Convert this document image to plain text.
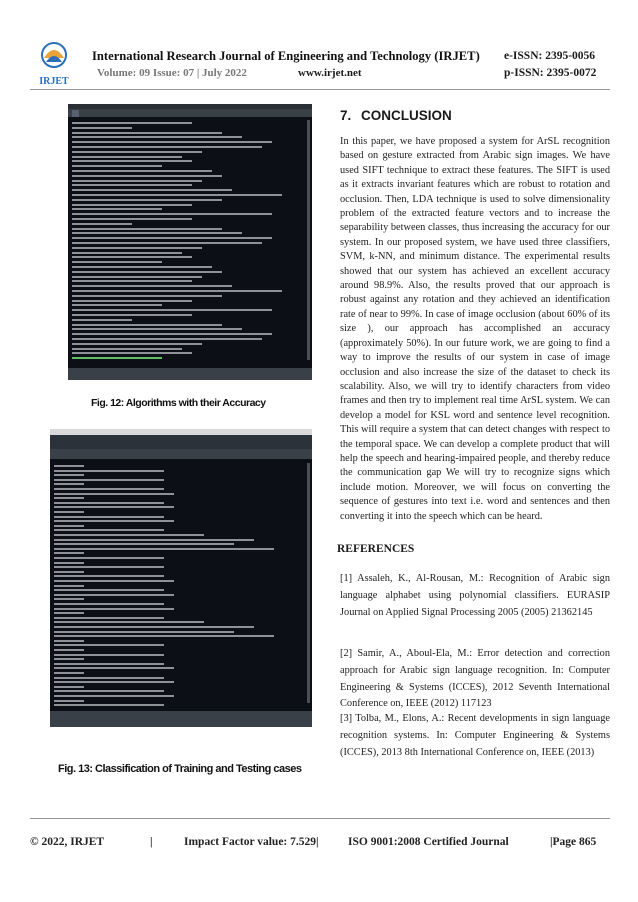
IRJET
International Research Journal of Engineering and Technology (IRJET) e-ISSN: 2395-0056
Volume: 09 Issue: 07 | July 2022	www.irjet.net	p-ISSN: 2395-0072

Fig. 12: Algorithms with their Accuracy
Fig. 13: Classification of Training and Testing cases
7. CONCLUSION
In this paper, we have proposed a system for ArSL recognition based on gesture extracted from Arabic sign images. We have used SIFT technique to extract these features. The SIFT is used as it extracts invariant features which are robust to rotation and occlusion. Then, LDA technique is used to solve dimensionality problem of the extracted feature vectors and to increase the separability between classes, thus increasing the accuracy for our system. In our proposed system, we have used three classifiers, SVM, k-NN, and minimum distance. The experimental results showed that our system has achieved an excellent accuracy around 98.9%. Also, the results proved that our approach is robust against any rotation and they achieved an identification rate of near to 99%. In case of image occlusion (about 60% of its size ), our approach has accomplished an accuracy (approximately 50%). In our future work, we are going to find a way to improve the results of our system in case of image occlusion and also increase the size of the dataset to check its scalability. Also, we will try to identify characters from video frames and then try to implement real time ArSL system. We can develop a model for KSL word and sentence level recognition. This will require a system that can detect changes with respect to the temporal space. We can develop a complete product that will help the speech and hearing-impaired people, and thereby reduce the communication gap We will try to recognize signs which include motion. Moreover, we will focus on converting the sequence of gestures into text i.e. word and sentences and then converting it into the speech which can be heard.
REFERENCES
[1] Assaleh, K., Al-Rousan, M.: Recognition of Arabic sign language alphabet using polynomial classifiers. EURASIP Journal on Applied Signal Processing 2005 (2005) 21362145
[2] Samir, A., Aboul-Ela, M.: Error detection and correction approach for Arabic sign language recognition. In: Computer Engineering & Systems (ICCES), 2012 Seventh International Conference on, IEEE (2012) 117123
[3] Tolba, M., Elons, A.: Recent developments in sign language recognition systems. In: Computer Engineering & Systems (ICCES), 2013 8th International Conference on, IEEE (2013)
© 2022, IRJET	|	Impact Factor value: 7.529 |	ISO 9001:2008 Certified Journal	|Page 865
